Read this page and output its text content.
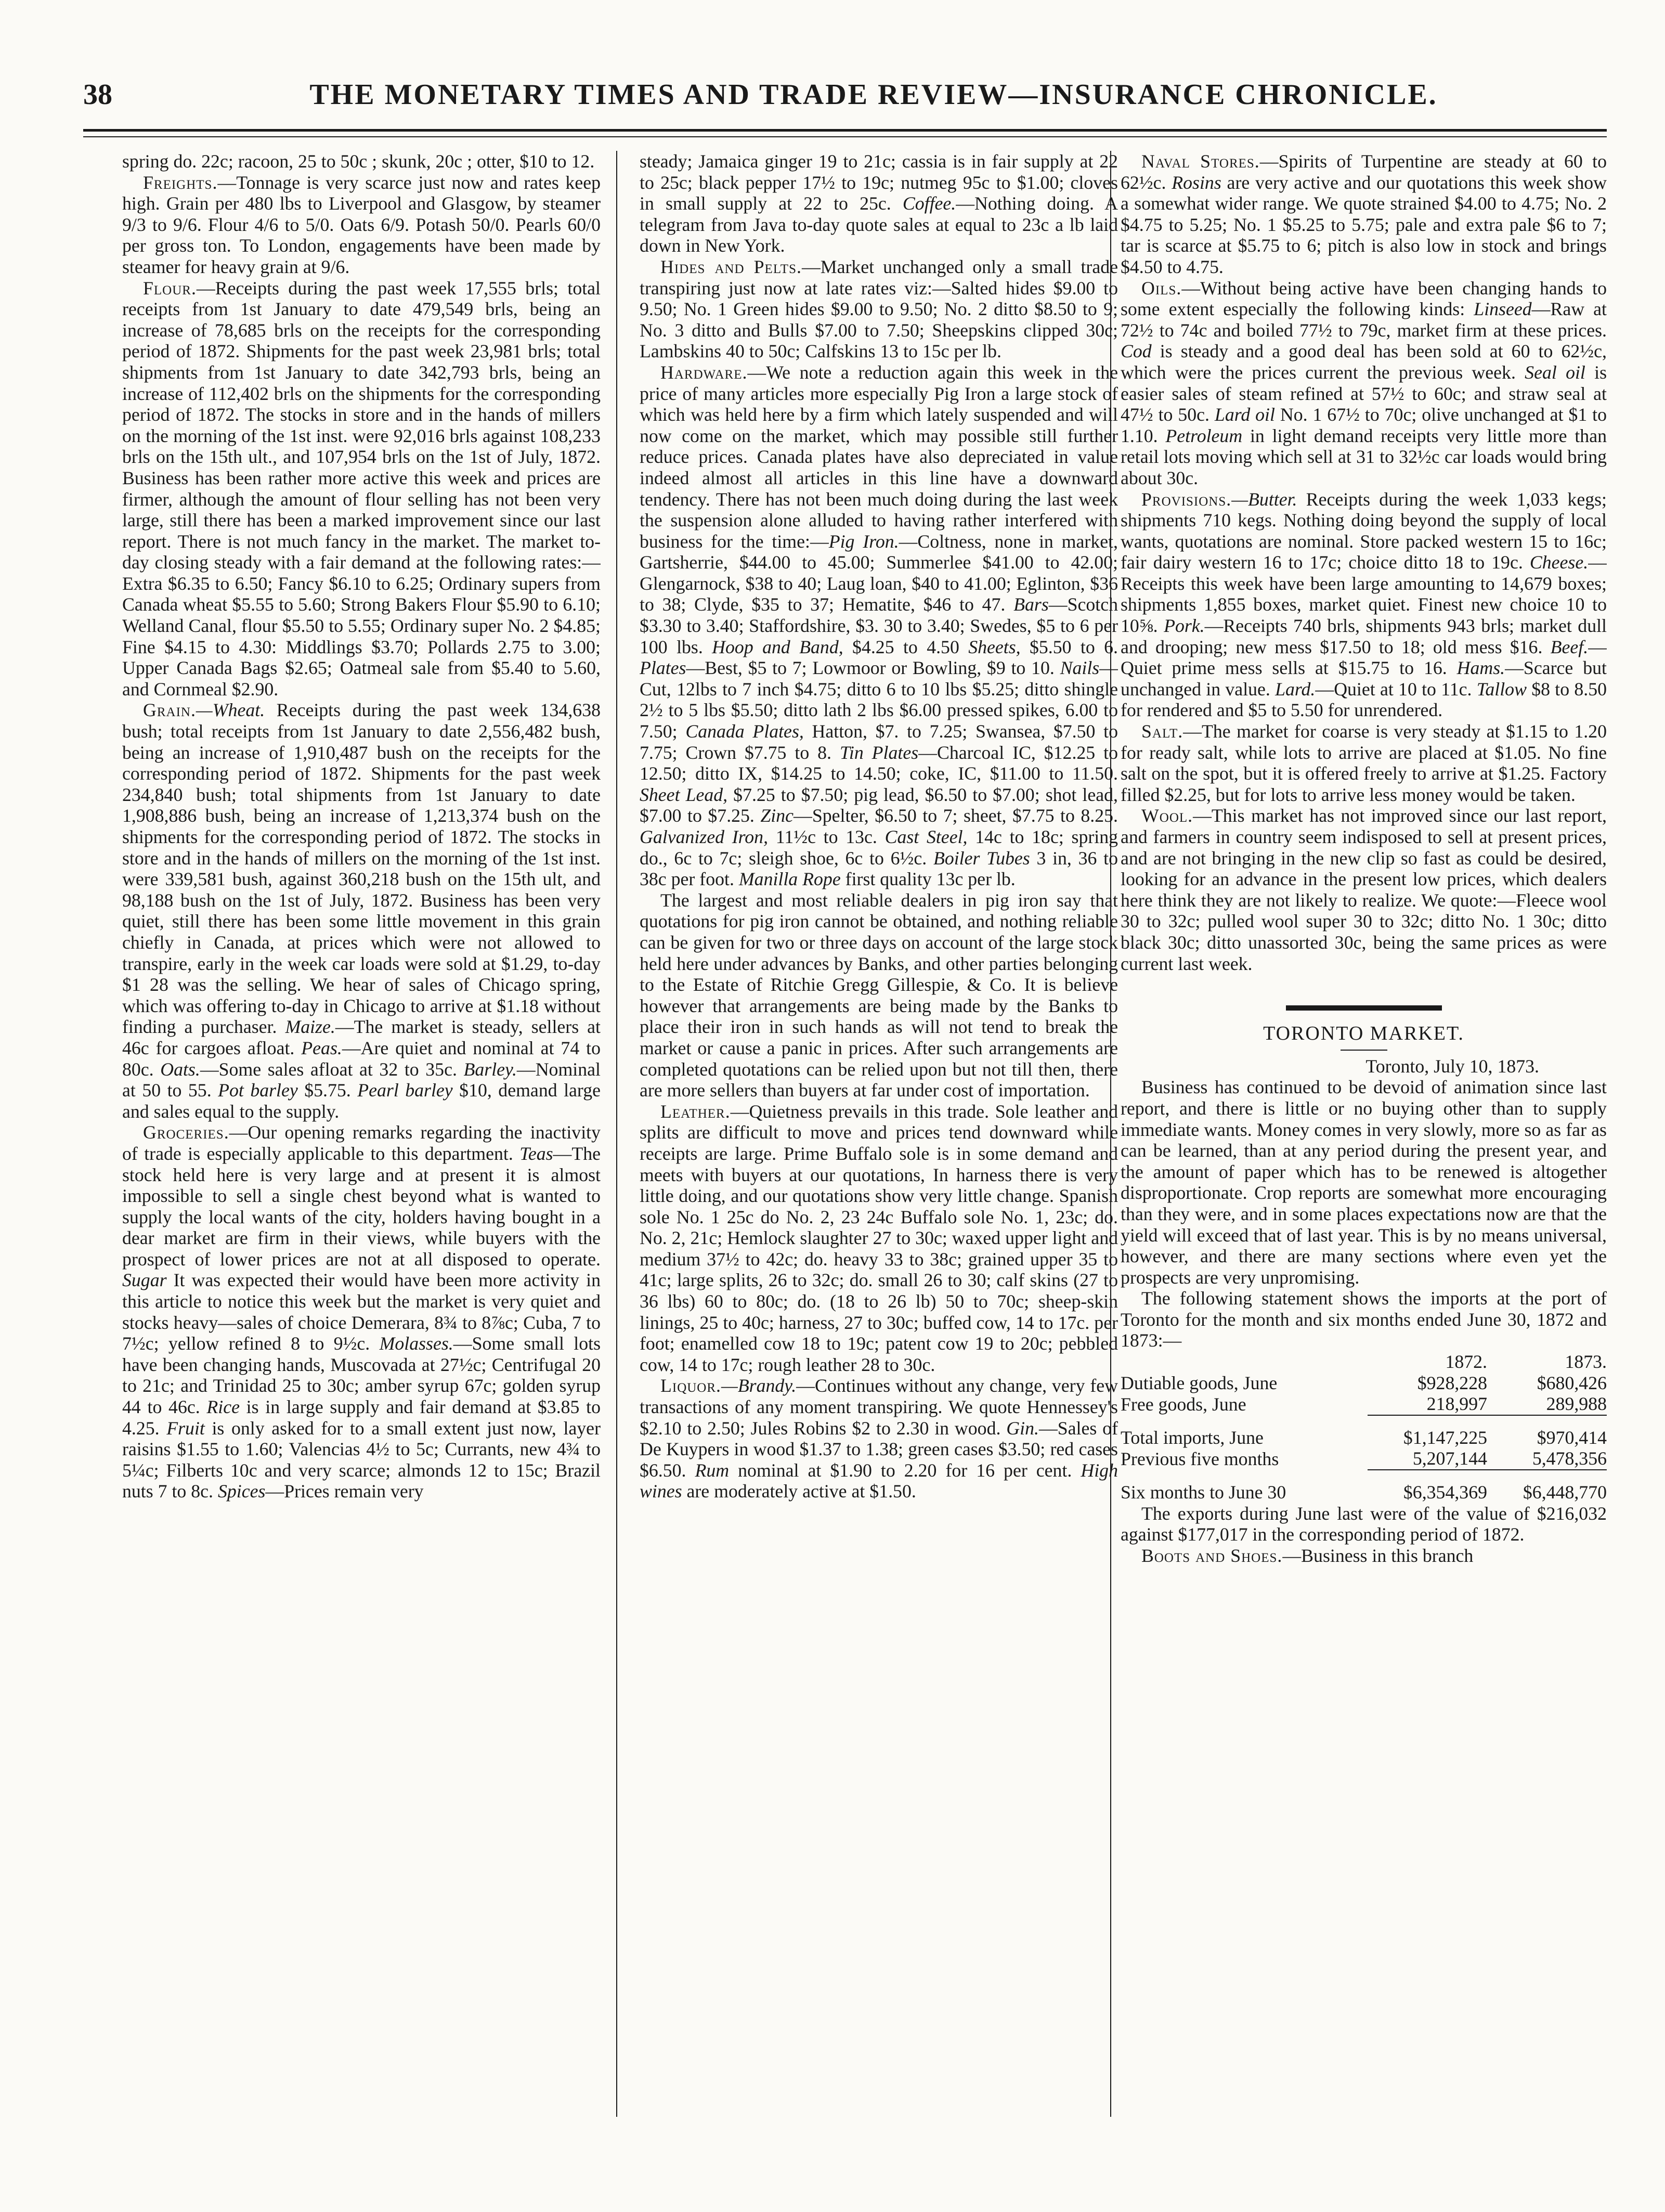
38	THE MONETARY TIMES AND TRADE REVIEW—INSURANCE CHRONICLE.

spring do. 22c; racoon, 25 to 50c ; skunk, 20c ; otter, $10 to 12.

Freights.—Tonnage is very scarce just now and rates keep high. Grain per 480 lbs to Liverpool and Glasgow, by steamer 9/3 to 9/6. Flour 4/6 to 5/0. Oats 6/9. Potash 50/0. Pearls 60/0 per gross ton. To London, engagements have been made by steamer for heavy grain at 9/6.

Flour.—Receipts during the past week 17,555 brls; total receipts from 1st January to date 479,549 brls, being an increase of 78,685 brls on the receipts for the corresponding period of 1872. Shipments for the past week 23,981 brls; total shipments from 1st January to date 342,793 brls, being an increase of 112,402 brls on the shipments for the corresponding period of 1872. The stocks in store and in the hands of millers on the morning of the 1st inst. were 92,016 brls against 108,233 brls on the 15th ult., and 107,954 brls on the 1st of July, 1872. Business has been rather more active this week and prices are firmer, although the amount of flour selling has not been very large, still there has been a marked improvement since our last report. There is not much fancy in the market. The market to-day closing steady with a fair demand at the following rates:—Extra $6.35 to 6.50; Fancy $6.10 to 6.25; Ordinary supers from Canada wheat $5.55 to 5.60; Strong Bakers Flour $5.90 to 6.10; Welland Canal, flour $5.50 to 5.55; Ordinary super No. 2 $4.85; Fine $4.15 to 4.30: Middlings $3.70; Pollards 2.75 to 3.00; Upper Canada Bags $2.65; Oatmeal sale from $5.40 to 5.60, and Cornmeal $2.90.

Grain.—Wheat. Receipts during the past week 134,638 bush; total receipts from 1st January to date 2,556,482 bush, being an increase of 1,910,487 bush on the receipts for the corresponding period of 1872. Shipments for the past week 234,840 bush; total shipments from 1st January to date 1,908,886 bush, being an increase of 1,213,374 bush on the shipments for the corresponding period of 1872. The stocks in store and in the hands of millers on the morning of the 1st inst. were 339,581 bush, against 360,218 bush on the 15th ult, and 98,188 bush on the 1st of July, 1872. Business has been very quiet, still there has been some little movement in this grain chiefly in Canada, at prices which were not allowed to transpire, early in the week car loads were sold at $1.29, to-day $1 28 was the selling. We hear of sales of Chicago spring, which was offering to-day in Chicago to arrive at $1.18 without finding a purchaser. Maize.—The market is steady, sellers at 46c for cargoes afloat. Peas.—Are quiet and nominal at 74 to 80c. Oats.—Some sales afloat at 32 to 35c. Barley.—Nominal at 50 to 55. Pot barley $5.75. Pearl barley $10, demand large and sales equal to the supply.

Groceries.—Our opening remarks regarding the inactivity of trade is especially applicable to this department. Teas—The stock held here is very large and at present it is almost impossible to sell a single chest beyond what is wanted to supply the local wants of the city, holders having bought in a dear market are firm in their views, while buyers with the prospect of lower prices are not at all disposed to operate. Sugar It was expected their would have been more activity in this article to notice this week but the market is very quiet and stocks heavy—sales of choice Demerara, 8¾ to 8⅞c; Cuba, 7 to 7½c; yellow refined 8 to 9½c. Molasses.—Some small lots have been changing hands, Muscovada at 27½c; Centrifugal 20 to 21c; and Trinidad 25 to 30c; amber syrup 67c; golden syrup 44 to 46c. Rice is in large supply and fair demand at $3.85 to 4.25. Fruit is only asked for to a small extent just now, layer raisins $1.55 to 1.60; Valencias 4½ to 5c; Currants, new 4¾ to 5¼c; Filberts 10c and very scarce; almonds 12 to 15c; Brazil nuts 7 to 8c. Spices—Prices remain very

steady; Jamaica ginger 19 to 21c; cassia is in fair supply at 22 to 25c; black pepper 17½ to 19c; nutmeg 95c to $1.00; cloves in small supply at 22 to 25c. Coffee.—Nothing doing. A telegram from Java to-day quote sales at equal to 23c a lb laid down in New York.

Hides and Pelts.—Market unchanged only a small trade transpiring just now at late rates viz:—Salted hides $9.00 to 9.50; No. 1 Green hides $9.00 to 9.50; No. 2 ditto $8.50 to 9; No. 3 ditto and Bulls $7.00 to 7.50; Sheepskins clipped 30c; Lambskins 40 to 50c; Calfskins 13 to 15c per lb.

Hardware.—We note a reduction again this week in the price of many articles more especially Pig Iron a large stock of which was held here by a firm which lately suspended and will now come on the market, which may possible still further reduce prices. Canada plates have also depreciated in value indeed almost all articles in this line have a downward tendency. There has not been much doing during the last week the suspension alone alluded to having rather interfered with business for the time:—Pig Iron.—Coltness, none in market, Gartsherrie, $44.00 to 45.00; Summerlee $41.00 to 42.00; Glengarnock, $38 to 40; Laug loan, $40 to 41.00; Eglinton, $36 to 38; Clyde, $35 to 37; Hematite, $46 to 47. Bars—Scotch $3.30 to 3.40; Staffordshire, $3. 30 to 3.40; Swedes, $5 to 6 per 100 lbs. Hoop and Band, $4.25 to 4.50 Sheets, $5.50 to 6. Plates—Best, $5 to 7; Lowmoor or Bowling, $9 to 10. Nails—Cut, 12lbs to 7 inch $4.75; ditto 6 to 10 lbs $5.25; ditto shingle 2½ to 5 lbs $5.50; ditto lath 2 lbs $6.00 pressed spikes, 6.00 to 7.50; Canada Plates, Hatton, $7. to 7.25; Swansea, $7.50 to 7.75; Crown $7.75 to 8. Tin Plates—Charcoal IC, $12.25 to 12.50; ditto IX, $14.25 to 14.50; coke, IC, $11.00 to 11.50. Sheet Lead, $7.25 to $7.50; pig lead, $6.50 to $7.00; shot lead, $7.00 to $7.25. Zinc—Spelter, $6.50 to 7; sheet, $7.75 to 8.25. Galvanized Iron, 11½c to 13c. Cast Steel, 14c to 18c; spring do., 6c to 7c; sleigh shoe, 6c to 6½c. Boiler Tubes 3 in, 36 to 38c per foot. Manilla Rope first quality 13c per lb.

The largest and most reliable dealers in pig iron say that quotations for pig iron cannot be obtained, and nothing reliable can be given for two or three days on account of the large stock held here under advances by Banks, and other parties belonging to the Estate of Ritchie Gregg Gillespie, & Co. It is believe however that arrangements are being made by the Banks to place their iron in such hands as will not tend to break the market or cause a panic in prices. After such arrangements are completed quotations can be relied upon but not till then, there are more sellers than buyers at far under cost of importation.

Leather.—Quietness prevails in this trade. Sole leather and splits are difficult to move and prices tend downward while receipts are large. Prime Buffalo sole is in some demand and meets with buyers at our quotations, In harness there is very little doing, and our quotations show very little change. Spanish sole No. 1 25c do No. 2, 23 24c Buffalo sole No. 1, 23c; do. No. 2, 21c; Hemlock slaughter 27 to 30c; waxed upper light and medium 37½ to 42c; do. heavy 33 to 38c; grained upper 35 to 41c; large splits, 26 to 32c; do. small 26 to 30; calf skins (27 to 36 lbs) 60 to 80c; do. (18 to 26 lb) 50 to 70c; sheep-skin linings, 25 to 40c; harness, 27 to 30c; buffed cow, 14 to 17c. per foot; enamelled cow 18 to 19c; patent cow 19 to 20c; pebbled cow, 14 to 17c; rough leather 28 to 30c.

Liquor.—Brandy.—Continues without any change, very few transactions of any moment transpiring. We quote Hennessey's $2.10 to 2.50; Jules Robins $2 to 2.30 in wood. Gin.—Sales of De Kuypers in wood $1.37 to 1.38; green cases $3.50; red cases $6.50. Rum nominal at $1.90 to 2.20 for 16 per cent. High wines are moderately active at $1.50.

Naval Stores.—Spirits of Turpentine are steady at 60 to 62½c. Rosins are very active and our quotations this week show a somewhat wider range. We quote strained $4.00 to 4.75; No. 2 $4.75 to 5.25; No. 1 $5.25 to 5.75; pale and extra pale $6 to 7; tar is scarce at $5.75 to 6; pitch is also low in stock and brings $4.50 to 4.75.

Oils.—Without being active have been changing hands to some extent especially the following kinds: Linseed—Raw at 72½ to 74c and boiled 77½ to 79c, market firm at these prices. Cod is steady and a good deal has been sold at 60 to 62½c, which were the prices current the previous week. Seal oil is easier sales of steam refined at 57½ to 60c; and straw seal at 47½ to 50c. Lard oil No. 1 67½ to 70c; olive unchanged at $1 to 1.10. Petroleum in light demand receipts very little more than retail lots moving which sell at 31 to 32½c car loads would bring about 30c.

Provisions.—Butter. Receipts during the week 1,033 kegs; shipments 710 kegs. Nothing doing beyond the supply of local wants, quotations are nominal. Store packed western 15 to 16c; fair dairy western 16 to 17c; choice ditto 18 to 19c. Cheese.—Receipts this week have been large amounting to 14,679 boxes; shipments 1,855 boxes, market quiet. Finest new choice 10 to 10⅝. Pork.—Receipts 740 brls, shipments 943 brls; market dull and drooping; new mess $17.50 to 18; old mess $16. Beef.—Quiet prime mess sells at $15.75 to 16. Hams.—Scarce but unchanged in value. Lard.—Quiet at 10 to 11c. Tallow $8 to 8.50 for rendered and $5 to 5.50 for unrendered.

Salt.—The market for coarse is very steady at $1.15 to 1.20 for ready salt, while lots to arrive are placed at $1.05. No fine salt on the spot, but it is offered freely to arrive at $1.25. Factory filled $2.25, but for lots to arrive less money would be taken.

Wool.—This market has not improved since our last report, and farmers in country seem indisposed to sell at present prices, and are not bringing in the new clip so fast as could be desired, looking for an advance in the present low prices, which dealers here think they are not likely to realize. We quote:—Fleece wool 30 to 32c; pulled wool super 30 to 32c; ditto No. 1 30c; ditto black 30c; ditto unassorted 30c, being the same prices as were current last week.

TORONTO MARKET.
Toronto, July 10, 1873.

Business has continued to be devoid of animation since last report, and there is little or no buying other than to supply immediate wants. Money comes in very slowly, more so as far as can be learned, than at any period during the present year, and the amount of paper which has to be renewed is altogether disproportionate. Crop reports are somewhat more encouraging than they were, and in some places expectations now are that the yield will exceed that of last year. This is by no means universal, however, and there are many sections where even yet the prospects are very unpromising.

The following statement shows the imports at the port of Toronto for the month and six months ended June 30, 1872 and 1873:—

	1872.	1873.
Dutiable goods, June	$928,228	$680,426
Free goods, June	218,997	289,988

Total imports, June	$1,147,225	$970,414
Previous five months	5,207,144	5,478,356

Six months to June 30	$6,354,369	$6,448,770

The exports during June last were of the value of $216,032 against $177,017 in the corresponding period of 1872.

Boots and Shoes.—Business in this branch
